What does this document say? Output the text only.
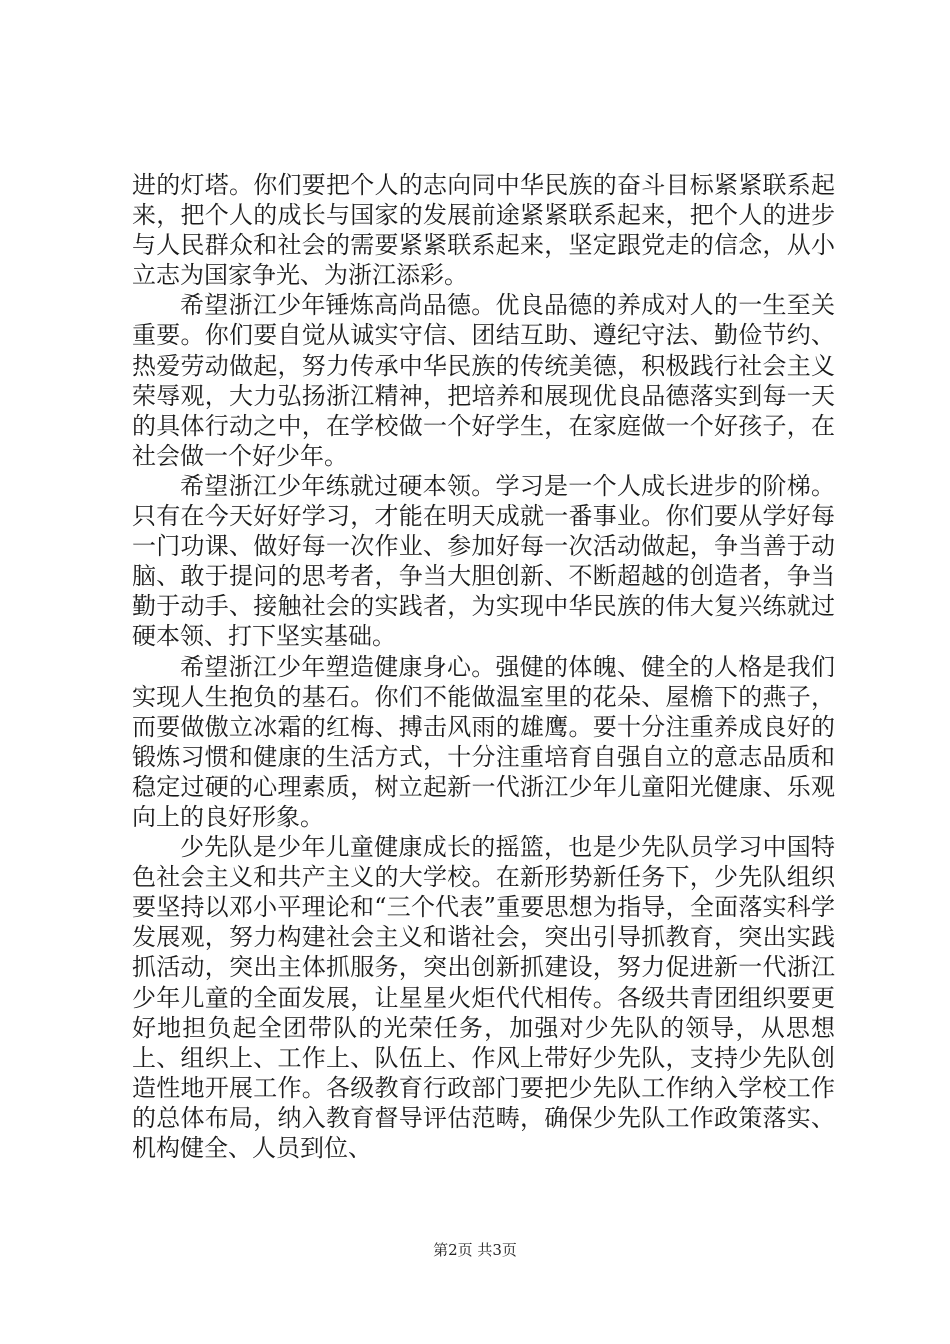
进的灯塔。你们要把个人的志向同中华民族的奋斗目标紧紧联系起来，把个人的成长与国家的发展前途紧紧联系起来，把个人的进步与人民群众和社会的需要紧紧联系起来，坚定跟党走的信念，从小立志为国家争光、为浙江添彩。

希望浙江少年锤炼高尚品德。优良品德的养成对人的一生至关重要。你们要自觉从诚实守信、团结互助、遵纪守法、勤俭节约、热爱劳动做起，努力传承中华民族的传统美德，积极践行社会主义荣辱观，大力弘扬浙江精神，把培养和展现优良品德落实到每一天的具体行动之中，在学校做一个好学生，在家庭做一个好孩子，在社会做一个好少年。

希望浙江少年练就过硬本领。学习是一个人成长进步的阶梯。只有在今天好好学习，才能在明天成就一番事业。你们要从学好每一门功课、做好每一次作业、参加好每一次活动做起，争当善于动脑、敢于提问的思考者，争当大胆创新、不断超越的创造者，争当勤于动手、接触社会的实践者，为实现中华民族的伟大复兴练就过硬本领、打下坚实基础。

希望浙江少年塑造健康身心。强健的体魄、健全的人格是我们实现人生抱负的基石。你们不能做温室里的花朵、屋檐下的燕子，而要做傲立冰霜的红梅、搏击风雨的雄鹰。要十分注重养成良好的锻炼习惯和健康的生活方式，十分注重培育自强自立的意志品质和稳定过硬的心理素质，树立起新一代浙江少年儿童阳光健康、乐观向上的良好形象。

少先队是少年儿童健康成长的摇篮，也是少先队员学习中国特色社会主义和共产主义的大学校。在新形势新任务下，少先队组织要坚持以邓小平理论和“三个代表”重要思想为指导，全面落实科学发展观，努力构建社会主义和谐社会，突出引导抓教育，突出实践抓活动，突出主体抓服务，突出创新抓建设，努力促进新一代浙江少年儿童的全面发展，让星星火炬代代相传。各级共青团组织要更好地担负起全团带队的光荣任务，加强对少先队的领导，从思想上、组织上、工作上、队伍上、作风上带好少先队，支持少先队创造性地开展工作。各级教育行政部门要把少先队工作纳入学校工作的总体布局，纳入教育督导评估范畴，确保少先队工作政策落实、机构健全、人员到位、

第2页 共3页
